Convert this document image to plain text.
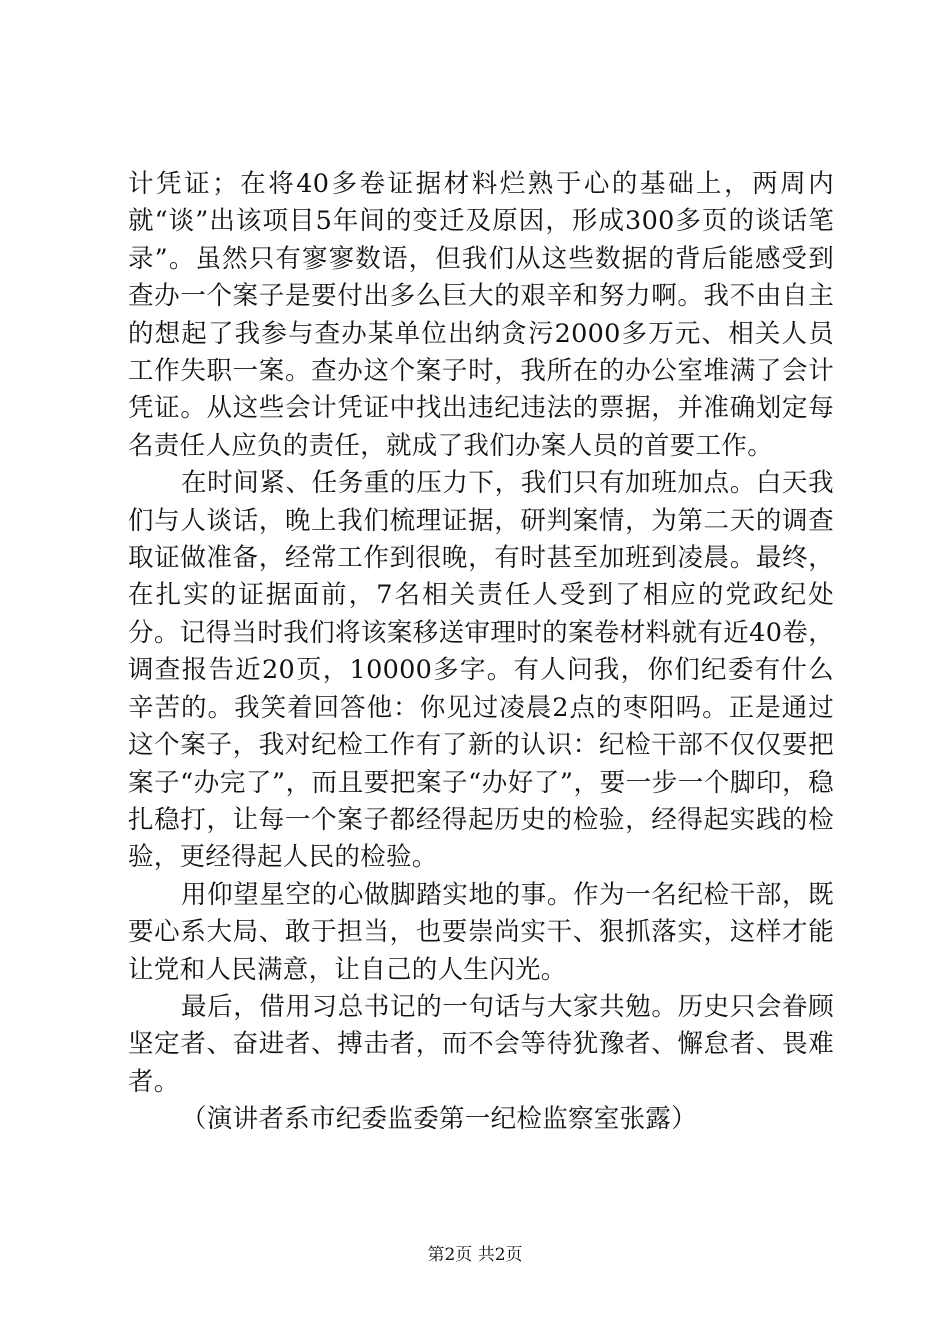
计凭证；在将40多卷证据材料烂熟于心的基础上，两周内就“谈”出该项目5年间的变迁及原因，形成300多页的谈话笔录”。虽然只有寥寥数语，但我们从这些数据的背后能感受到查办一个案子是要付出多么巨大的艰辛和努力啊。我不由自主的想起了我参与查办某单位出纳贪污2000多万元、相关人员工作失职一案。查办这个案子时，我所在的办公室堆满了会计凭证。从这些会计凭证中找出违纪违法的票据，并准确划定每名责任人应负的责任，就成了我们办案人员的首要工作。

在时间紧、任务重的压力下，我们只有加班加点。白天我们与人谈话，晚上我们梳理证据，研判案情，为第二天的调查取证做准备，经常工作到很晚，有时甚至加班到凌晨。最终，在扎实的证据面前，7名相关责任人受到了相应的党政纪处分。记得当时我们将该案移送审理时的案卷材料就有近40卷，调查报告近20页，10000多字。有人问我，你们纪委有什么辛苦的。我笑着回答他：你见过凌晨2点的枣阳吗。正是通过这个案子，我对纪检工作有了新的认识：纪检干部不仅仅要把案子“办完了”，而且要把案子“办好了”，要一步一个脚印，稳扎稳打，让每一个案子都经得起历史的检验，经得起实践的检验，更经得起人民的检验。

用仰望星空的心做脚踏实地的事。作为一名纪检干部，既要心系大局、敢于担当，也要崇尚实干、狠抓落实，这样才能让党和人民满意，让自己的人生闪光。

最后，借用习总书记的一句话与大家共勉。历史只会眷顾坚定者、奋进者、搏击者，而不会等待犹豫者、懈怠者、畏难者。

（演讲者系市纪委监委第一纪检监察室张露）

第2页 共2页
